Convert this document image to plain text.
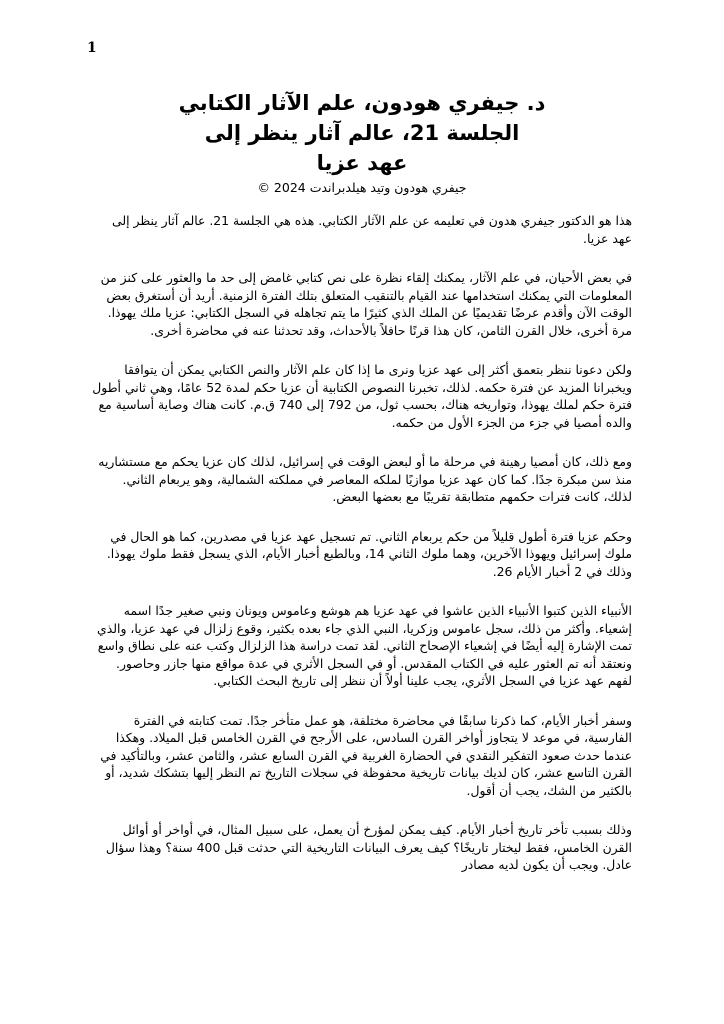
1
د. جيفري هودون، علم الآثار الكتابي
الجلسة 21، عالم آثار ينظر إلى
عهد عزيا
جيفري هودون وتيد هيلدبراندت 2024 ©

هذا هو الدكتور جيفري هدون في تعليمه عن علم الآثار الكتابي. هذه هي الجلسة 21. عالم آثار ينظر إلى عهد عزيا.

في بعض الأحيان، في علم الآثار، يمكنك إلقاء نظرة على نص كتابي غامض إلى حد ما والعثور على كنز من المعلومات التي يمكنك استخدامها عند القيام بالتنقيب المتعلق بتلك الفترة الزمنية. أريد أن أستغرق بعض الوقت الآن وأقدم عرضًا تقديميًا عن الملك الذي كثيرًا ما يتم تجاهله في السجل الكتابي: عزيا ملك يهوذا. مرة أخرى، خلال القرن الثامن، كان هذا قرنًا حافلاً بالأحداث، وقد تحدثنا عنه في محاضرة أخرى.

ولكن دعونا ننظر بتعمق أكثر إلى عهد عزيا ونرى ما إذا كان علم الآثار والنص الكتابي يمكن أن يتوافقا ويخبرانا المزيد عن فترة حكمه. لذلك، تخبرنا النصوص الكتابية أن عزيا حكم لمدة 52 عامًا، وهي ثاني أطول فترة حكم لملك يهوذا، وتواريخه هناك، بحسب ثول، من 792 إلى 740 ق.م. كانت هناك وصاية أساسية مع والده أمصيا في جزء من الجزء الأول من حكمه.

ومع ذلك، كان أمصيا رهينة في مرحلة ما أو لبعض الوقت في إسرائيل، لذلك كان عزيا يحكم مع مستشاريه منذ سن مبكرة جدًا. كما كان عهد عزيا موازيًا لملكه المعاصر في مملكته الشمالية، وهو يربعام الثاني. لذلك، كانت فترات حكمهم متطابقة تقريبًا مع بعضها البعض.

وحكم عزيا فترة أطول قليلاً من حكم يربعام الثاني. تم تسجيل عهد عزيا في مصدرين، كما هو الحال في ملوك إسرائيل ويهوذا الآخرين، وهما ملوك الثاني 14، وبالطبع أخبار الأيام، الذي يسجل فقط ملوك يهوذا. وذلك في 2 أخبار الأيام 26.

الأنبياء الذين كتبوا الأنبياء الذين عاشوا في عهد عزيا هم هوشع وعاموس ويونان ونبي صغير جدًا اسمه إشعياء. وأكثر من ذلك، سجل عاموس وزكريا، النبي الذي جاء بعده بكثير، وقوع زلزال في عهد عزيا، والذي تمت الإشارة إليه أيضًا في إشعياء الإصحاح الثاني. لقد تمت دراسة هذا الزلزال وكتب عنه على نطاق واسع ونعتقد أنه تم العثور عليه في الكتاب المقدس. أو في السجل الأثري في عدة مواقع منها جازر وحاصور. لفهم عهد عزيا في السجل الأثري، يجب علينا أولاً أن ننظر إلى تاريخ البحث الكتابي.

وسفر أخبار الأيام، كما ذكرنا سابقًا في محاضرة مختلفة، هو عمل متأخر جدًا. تمت كتابته في الفترة الفارسية، في موعد لا يتجاوز أواخر القرن السادس، على الأرجح في القرن الخامس قبل الميلاد. وهكذا عندما حدث صعود التفكير النقدي في الحضارة الغربية في القرن السابع عشر، والثامن عشر، وبالتأكيد في القرن التاسع عشر، كان لديك بيانات تاريخية محفوظة في سجلات التاريخ تم النظر إليها بتشكك شديد، أو بالكثير من الشك، يجب أن أقول.

وذلك بسبب تأخر تاريخ أخبار الأيام. كيف يمكن لمؤرخ أن يعمل، على سبيل المثال، في أواخر أو أوائل القرن الخامس، فقط ليختار تاريخًا؟ كيف يعرف البيانات التاريخية التي حدثت قبل 400 سنة؟ وهذا سؤال عادل. ويجب أن يكون لديه مصادر
